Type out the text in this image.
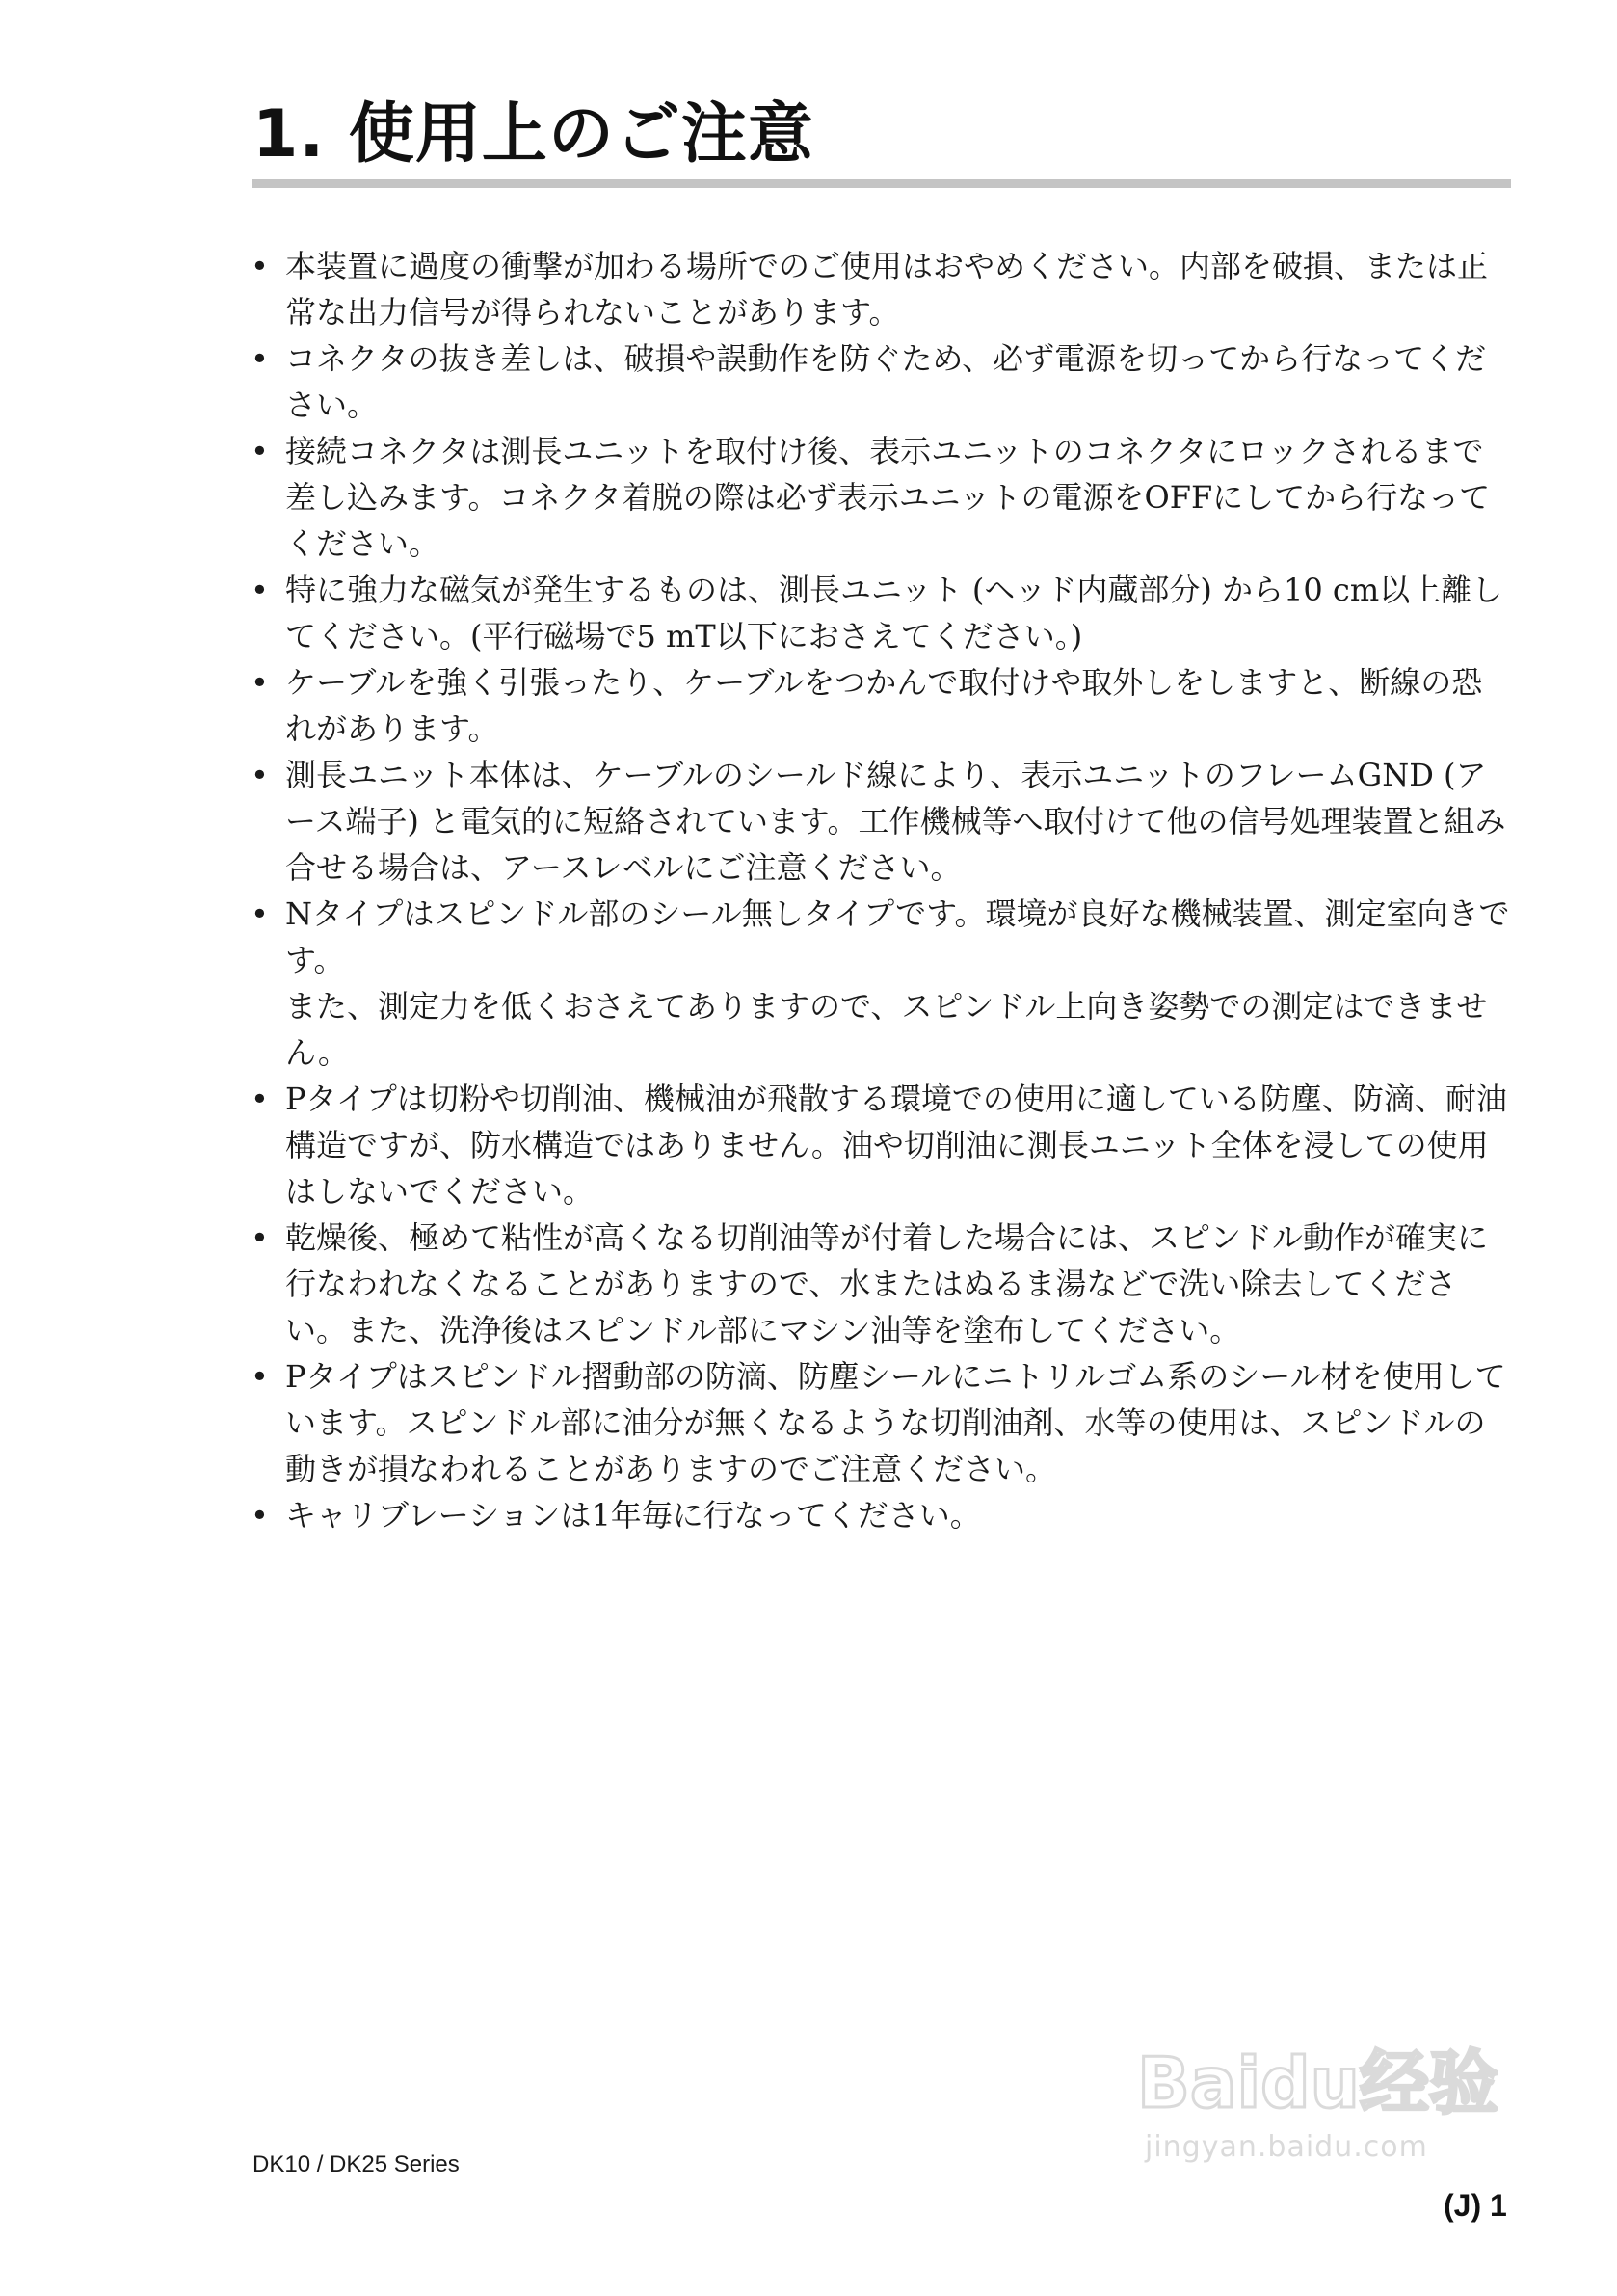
1. 使用上のご注意
• 本装置に過度の衝撃が加わる場所でのご使用はおやめください。内部を破損、または正常な出力信号が得られないことがあります。
• コネクタの抜き差しは、破損や誤動作を防ぐため、必ず電源を切ってから行なってください。
• 接続コネクタは測長ユニットを取付け後、表示ユニットのコネクタにロックされるまで差し込みます。コネクタ着脱の際は必ず表示ユニットの電源をOFFにしてから行なってください。
• 特に強力な磁気が発生するものは、測長ユニット (ヘッド内蔵部分) から10 cm以上離してください。(平行磁場で5 mT以下におさえてください。)
• ケーブルを強く引張ったり、ケーブルをつかんで取付けや取外しをしますと、断線の恐れがあります。
• 測長ユニット本体は、ケーブルのシールド線により、表示ユニットのフレームGND (アース端子) と電気的に短絡されています。工作機械等へ取付けて他の信号処理装置と組み合せる場合は、アースレベルにご注意ください。
• Nタイプはスピンドル部のシール無しタイプです。環境が良好な機械装置、測定室向きです。
また、測定力を低くおさえてありますので、スピンドル上向き姿勢での測定はできません。
• Pタイプは切粉や切削油、機械油が飛散する環境での使用に適している防塵、防滴、耐油構造ですが、防水構造ではありません。油や切削油に測長ユニット全体を浸しての使用はしないでください。
• 乾燥後、極めて粘性が高くなる切削油等が付着した場合には、スピンドル動作が確実に行なわれなくなることがありますので、水またはぬるま湯などで洗い除去してください。また、洗浄後はスピンドル部にマシン油等を塗布してください。
• Pタイプはスピンドル摺動部の防滴、防塵シールにニトリルゴム系のシール材を使用しています。スピンドル部に油分が無くなるような切削油剤、水等の使用は、スピンドルの動きが損なわれることがありますのでご注意ください。
• キャリブレーションは1年毎に行なってください。
Baidu经验
jingyan.baidu.com
DK10 / DK25 Series
(J) 1
